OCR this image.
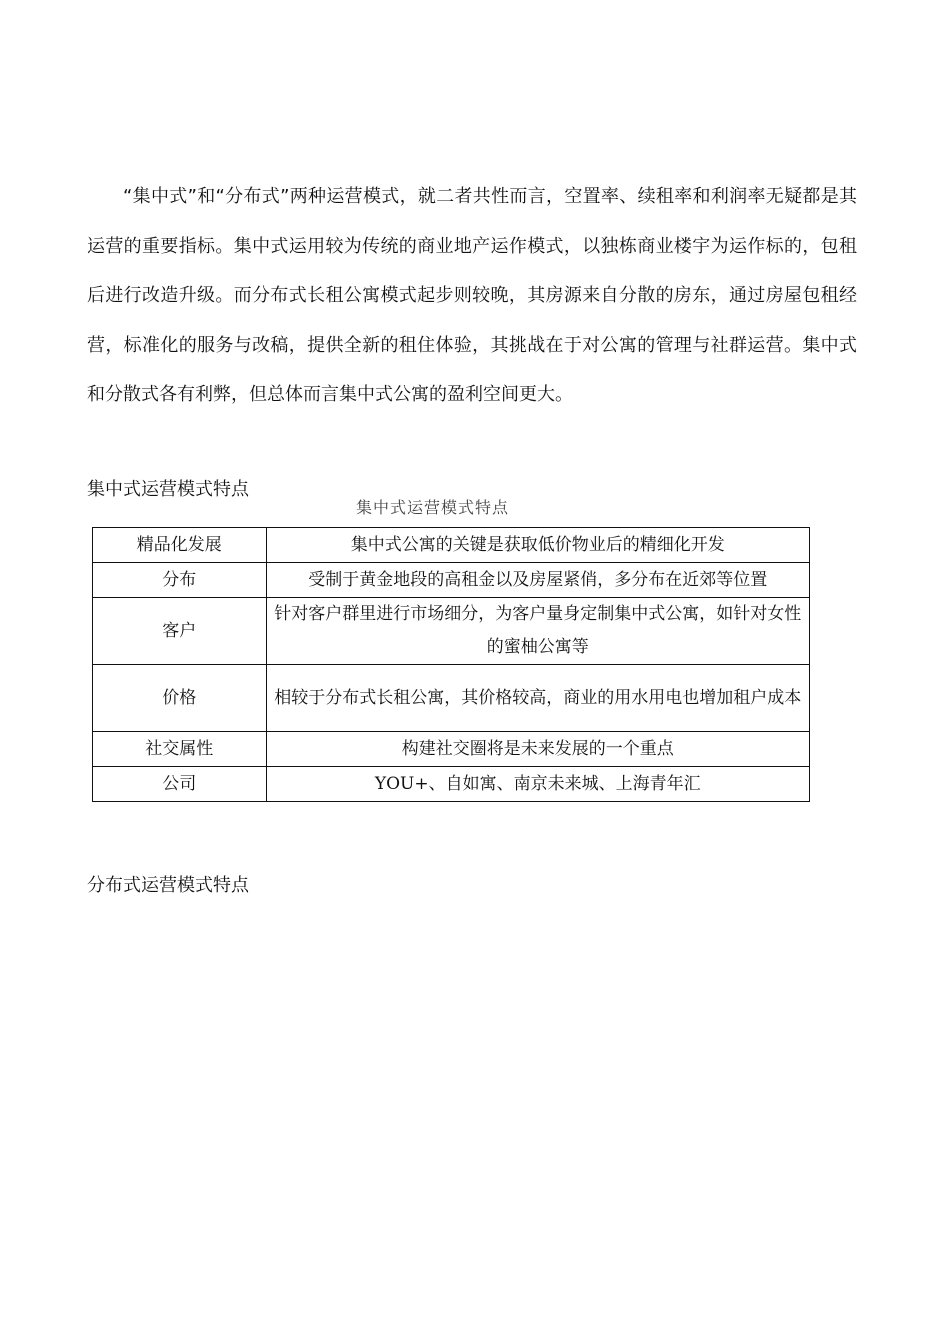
“集中式”和“分布式”两种运营模式，就二者共性而言，空置率、续租率和利润率无疑都是其运营的重要指标。集中式运用较为传统的商业地产运作模式，以独栋商业楼宇为运作标的，包租后进行改造升级。而分布式长租公寓模式起步则较晚，其房源来自分散的房东，通过房屋包租经营，标准化的服务与改稿，提供全新的租住体验，其挑战在于对公寓的管理与社群运营。集中式和分散式各有利弊，但总体而言集中式公寓的盈利空间更大。

集中式运营模式特点
集中式运营模式特点
精品化发展	集中式公寓的关键是获取低价物业后的精细化开发
分布	受制于黄金地段的高租金以及房屋紧俏，多分布在近郊等位置
客户	针对客户群里进行市场细分，为客户量身定制集中式公寓，如针对女性的蜜柚公寓等
价格	相较于分布式长租公寓，其价格较高，商业的用水用电也增加租户成本
社交属性	构建社交圈将是未来发展的一个重点
公司	YOU+、自如寓、南京未来城、上海青年汇
分布式运营模式特点
